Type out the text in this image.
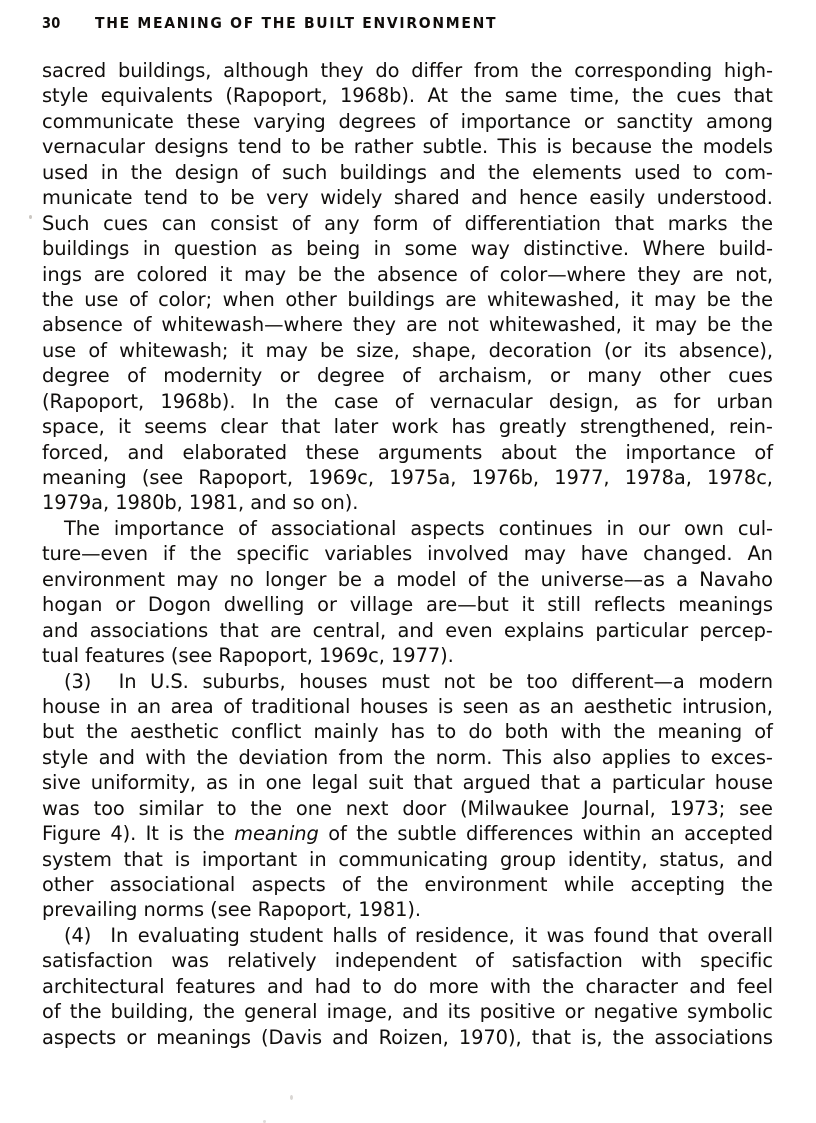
30 THE MEANING OF THE BUILT ENVIRONMENT

sacred buildings, although they do differ from the corresponding high-
style equivalents (Rapoport, 1968b). At the same time, the cues that
communicate these varying degrees of importance or sanctity among
vernacular designs tend to be rather subtle. This is because the models
used in the design of such buildings and the elements used to com-
municate tend to be very widely shared and hence easily understood.
Such cues can consist of any form of differentiation that marks the
buildings in question as being in some way distinctive. Where build-
ings are colored it may be the absence of color—where they are not,
the use of color; when other buildings are whitewashed, it may be the
absence of whitewash—where they are not whitewashed, it may be the
use of whitewash; it may be size, shape, decoration (or its absence),
degree of modernity or degree of archaism, or many other cues
(Rapoport, 1968b). In the case of vernacular design, as for urban
space, it seems clear that later work has greatly strengthened, rein-
forced, and elaborated these arguments about the importance of
meaning (see Rapoport, 1969c, 1975a, 1976b, 1977, 1978a, 1978c,
1979a, 1980b, 1981, and so on).

The importance of associational aspects continues in our own cul-
ture—even if the specific variables involved may have changed. An
environment may no longer be a model of the universe—as a Navaho
hogan or Dogon dwelling or village are—but it still reflects meanings
and associations that are central, and even explains particular percep-
tual features (see Rapoport, 1969c, 1977).

(3) In U.S. suburbs, houses must not be too different—a modern
house in an area of traditional houses is seen as an aesthetic intrusion,
but the aesthetic conflict mainly has to do both with the meaning of
style and with the deviation from the norm. This also applies to exces-
sive uniformity, as in one legal suit that argued that a particular house
was too similar to the one next door (Milwaukee Journal, 1973; see
Figure 4). It is the meaning of the subtle differences within an accepted
system that is important in communicating group identity, status, and
other associational aspects of the environment while accepting the
prevailing norms (see Rapoport, 1981).

(4) In evaluating student halls of residence, it was found that overall
satisfaction was relatively independent of satisfaction with specific
architectural features and had to do more with the character and feel
of the building, the general image, and its positive or negative symbolic
aspects or meanings (Davis and Roizen, 1970), that is, the associations
